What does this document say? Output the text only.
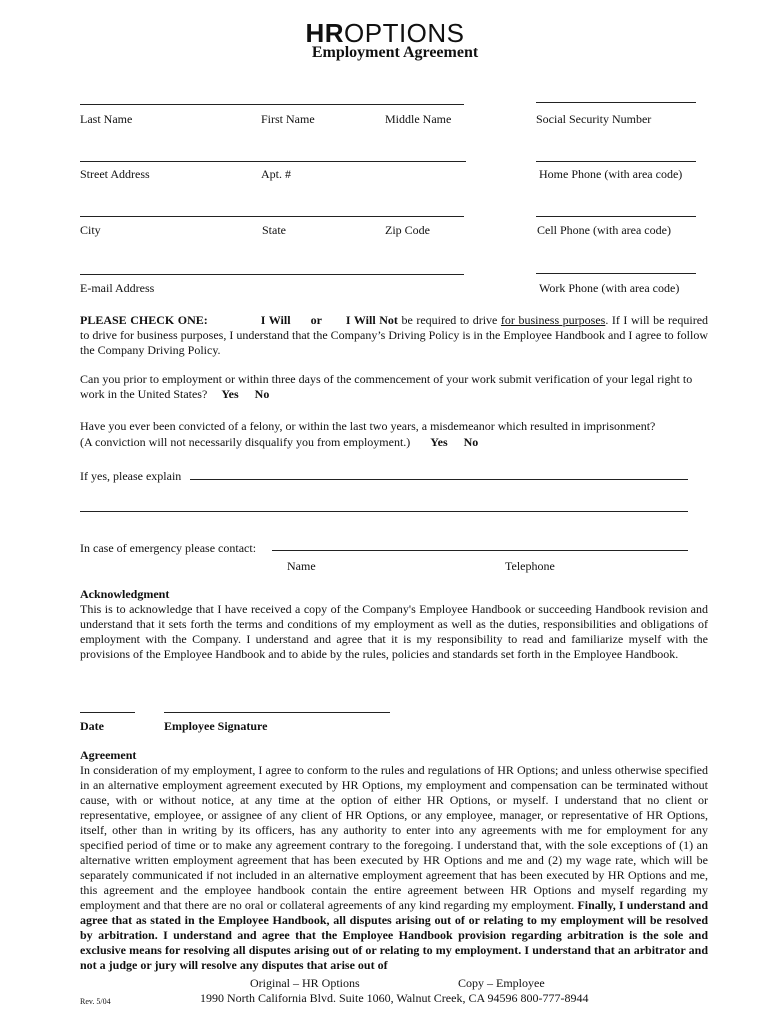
HROPTIONS
Employment Agreement
Last Name	First Name	Middle Name	Social Security Number
Street Address	Apt. #	Home Phone (with area code)
City	State	Zip Code	Cell Phone (with area code)
E-mail Address	Work Phone (with area code)
PLEASE CHECK ONE:	I Will or I Will Not be required to drive for business purposes. If I will be required to drive for business purposes, I understand that the Company’s Driving Policy is in the Employee Handbook and I agree to follow the Company Driving Policy.
Can you prior to employment or within three days of the commencement of your work submit verification of your legal right to work in the United States? Yes No
Have you ever been convicted of a felony, or within the last two years, a misdemeanor which resulted in imprisonment?
(A conviction will not necessarily disqualify you from employment.) Yes No
If yes, please explain
In case of emergency please contact:
Name	Telephone
Acknowledgment
This is to acknowledge that I have received a copy of the Company's Employee Handbook or succeeding Handbook revision and understand that it sets forth the terms and conditions of my employment as well as the duties, responsibilities and obligations of employment with the Company. I understand and agree that it is my responsibility to read and familiarize myself with the provisions of the Employee Handbook and to abide by the rules, policies and standards set forth in the Employee Handbook.
Date	Employee Signature
Agreement
In consideration of my employment, I agree to conform to the rules and regulations of HR Options; and unless otherwise specified in an alternative employment agreement executed by HR Options, my employment and compensation can be terminated without cause, with or without notice, at any time at the option of either HR Options, or myself. I understand that no client or representative, employee, or assignee of any client of HR Options, or any employee, manager, or representative of HR Options, itself, other than in writing by its officers, has any authority to enter into any agreements with me for employment for any specified period of time or to make any agreement contrary to the foregoing. I understand that, with the sole exceptions of (1) an alternative written employment agreement that has been executed by HR Options and me and (2) my wage rate, which will be separately communicated if not included in an alternative employment agreement that has been executed by HR Options and me, this agreement and the employee handbook contain the entire agreement between HR Options and myself regarding my employment and that there are no oral or collateral agreements of any kind regarding my employment. Finally, I understand and agree that as stated in the Employee Handbook, all disputes arising out of or relating to my employment will be resolved by arbitration. I understand and agree that the Employee Handbook provision regarding arbitration is the sole and exclusive means for resolving all disputes arising out of or relating to my employment. I understand that an arbitrator and not a judge or jury will resolve any disputes that arise out of
Original – HR Options	Copy – Employee
1990 North California Blvd. Suite 1060, Walnut Creek, CA 94596 800-777-8944
Rev. 5/04
